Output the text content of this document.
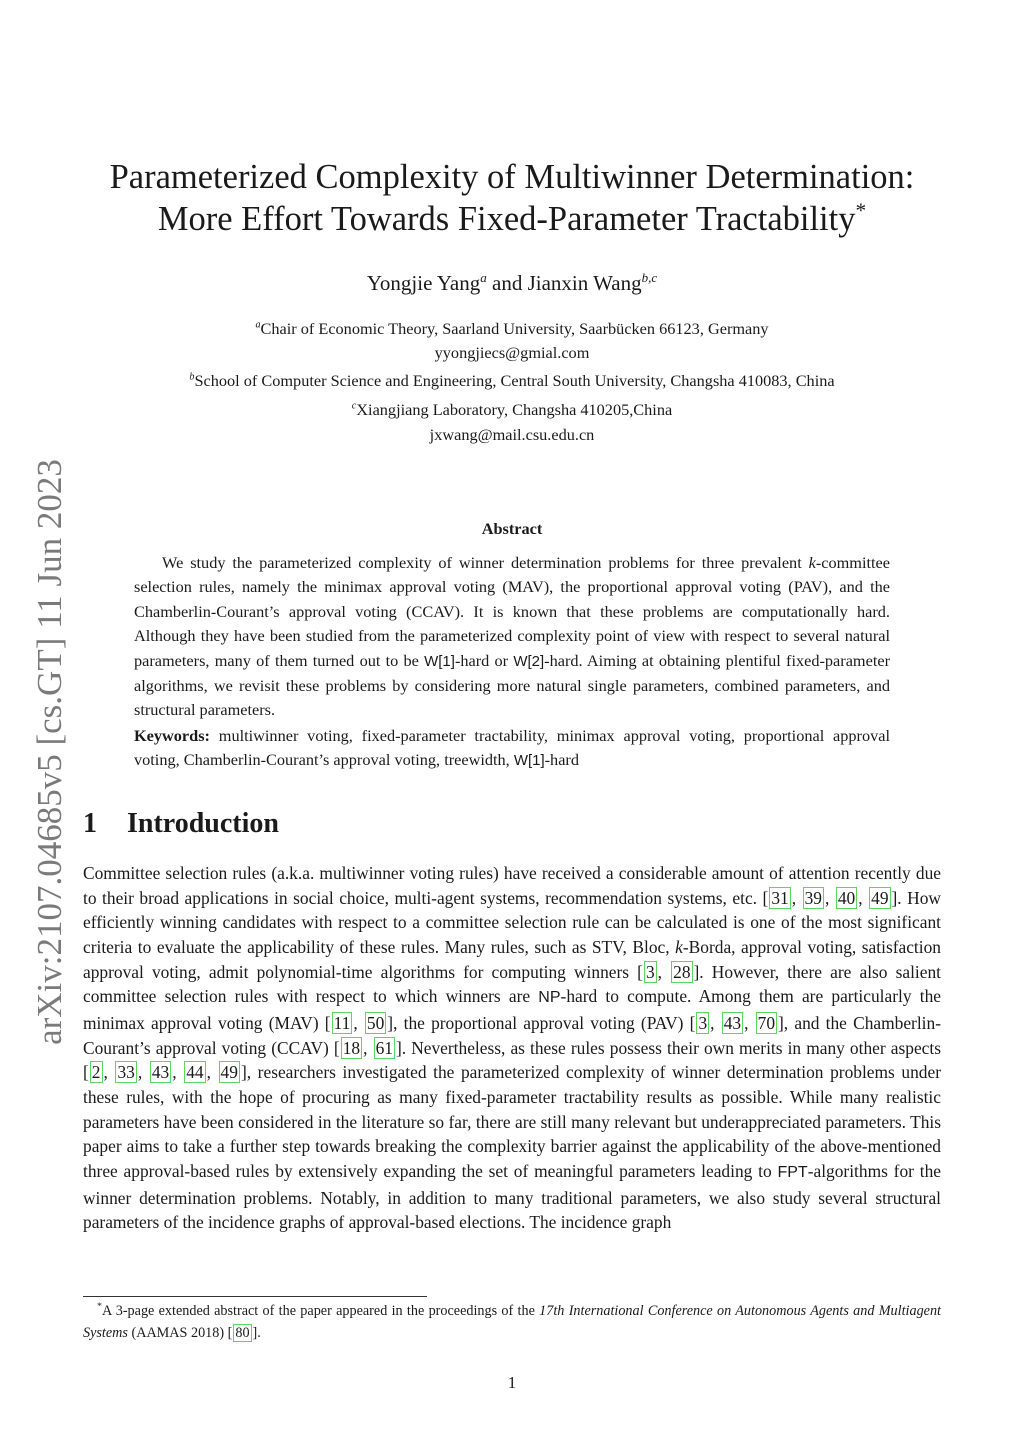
arXiv:2107.04685v5 [cs.GT] 11 Jun 2023
Parameterized Complexity of Multiwinner Determination:
More Effort Towards Fixed-Parameter Tractability*
Yongjie Yang$^a$ and Jianxin Wang$^{b,c}$
$^a$Chair of Economic Theory, Saarland University, Saarbücken 66123, Germany
yyongjiecs@gmial.com
$^b$School of Computer Science and Engineering, Central South University, Changsha 410083, China
$^c$Xiangjiang Laboratory, Changsha 410205,China
jxwang@mail.csu.edu.cn
Abstract

We study the parameterized complexity of winner determination problems for three prevalent k-committee selection rules, namely the minimax approval voting (MAV), the proportional approval voting (PAV), and the Chamberlin-Courant’s approval voting (CCAV). It is known that these problems are computationally hard. Although they have been studied from the parameterized complexity point of view with respect to several natural parameters, many of them turned out to be W[1]-hard or W[2]-hard. Aiming at obtaining plentiful fixed-parameter algorithms, we revisit these problems by considering more natural single parameters, combined parameters, and structural parameters.

Keywords: multiwinner voting, fixed-parameter tractability, minimax approval voting, proportional approval voting, Chamberlin-Courant’s approval voting, treewidth, W[1]-hard
1 Introduction

Committee selection rules (a.k.a. multiwinner voting rules) have received a considerable amount of attention recently due to their broad applications in social choice, multi-agent systems, recommendation systems, etc. [ 31 , 39 , 40 , 49 ]. How efficiently winning candidates with respect to a committee selection rule can be calculated is one of the most significant criteria to evaluate the applicability of these rules. Many rules, such as STV, Bloc, k-Borda, approval voting, satisfaction approval voting, admit polynomial-time algorithms for computing winners [ 3 , 28 ]. However, there are also salient committee selection rules with respect to which winners are NP-hard to compute. Among them are particularly the minimax approval voting (MAV) [ 11 , 50 ], the proportional approval voting (PAV) [ 3 , 43 , 70 ], and the Chamberlin-Courant’s approval voting (CCAV) [ 18 , 61 ]. Nevertheless, as these rules possess their own merits in many other aspects [ 2 , 33 , 43 , 44 , 49 ], researchers investigated the parameterized complexity of winner determination problems under these rules, with the hope of procuring as many fixed-parameter tractability results as possible. While many realistic parameters have been considered in the literature so far, there are still many relevant but underappreciated parameters. This paper aims to take a further step towards breaking the complexity barrier against the applicability of the above-mentioned three approval-based rules by extensively expanding the set of meaningful parameters leading to FPT-algorithms for the winner determination problems. Notably, in addition to many traditional parameters, we also study several structural parameters of the incidence graphs of approval-based elections. The incidence graph

*A 3-page extended abstract of the paper appeared in the proceedings of the 17th International Conference on Autonomous Agents and Multiagent Systems (AAMAS 2018) [ 80 ].
1
